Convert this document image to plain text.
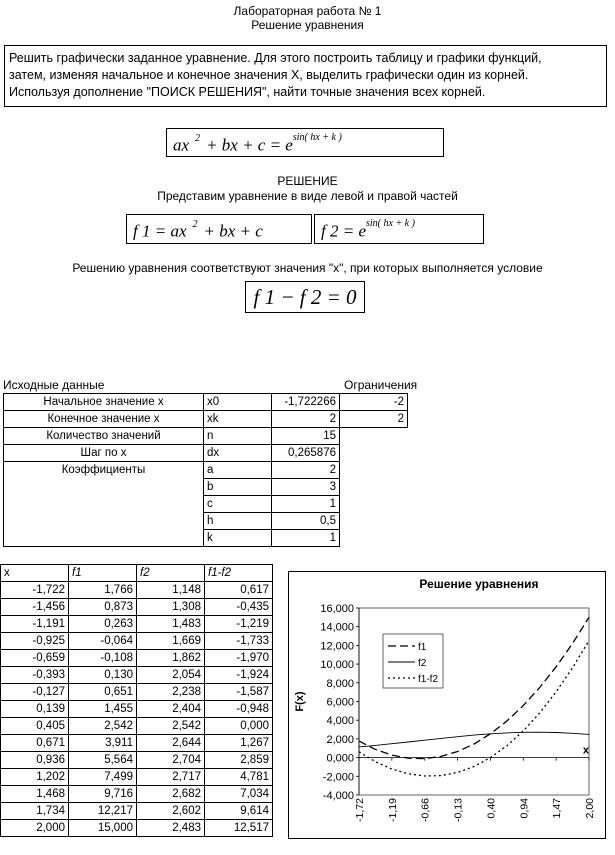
Лабораторная работа № 1
Решение уравнения
Решить графически заданное уравнение. Для этого построить таблицу и графики функций,
затем, изменяя начальное и конечное значения Х, выделить графически один из корней.
Используя дополнение "ПОИСК РЕШЕНИЯ", найти точные значения всех корней.
ax $^2$ + bx + $c = e^{sin( hx + k )}$
РЕШЕНИЕ
Представим уравнение в виде левой и правой частей
f 1 = ax $^2$ + bx + c	f $2 = e^{sin( hx + k )}$
Решению уравнения соответствуют значения "х", при которых выполняется условие
f 1 − f 2 = 0
Исходные данные	Ограничения
Начальное значение х	x0	-1,722266	-2
Конечное значение х	xk	2	2
Количество значений	n	15	
Шаг по х	dx	0,265876	
Коэффициенты	a	2	
	b	3	
	c	1	
	h	0,5	
	k	1	
x	f1	f2	f1-f2
-1,722	1,766	1,148	0,617
-1,456	0,873	1,308	-0,435
-1,191	0,263	1,483	-1,219
-0,925	-0,064	1,669	-1,733
-0,659	-0,108	1,862	-1,970
-0,393	0,130	2,054	-1,924
-0,127	0,651	2,238	-1,587
0,139	1,455	2,404	-0,948
0,405	2,542	2,542	0,000
0,671	3,911	2,644	1,267
0,936	5,564	2,704	2,859
1,202	7,499	2,717	4,781
1,468	9,716	2,682	7,034
1,734	12,217	2,602	9,614
2,000	15,000	2,483	12,517
Решение уравнения
16,000
14,000
12,000
10,000
8,000
6,000
4,000
2,000
0,000
-2,000
-4,000
x
F(x)
-1,72 -1,19 -0,66 -0,13 0,40 0,94 1,47 2,00
f1
f2
f1-f2
